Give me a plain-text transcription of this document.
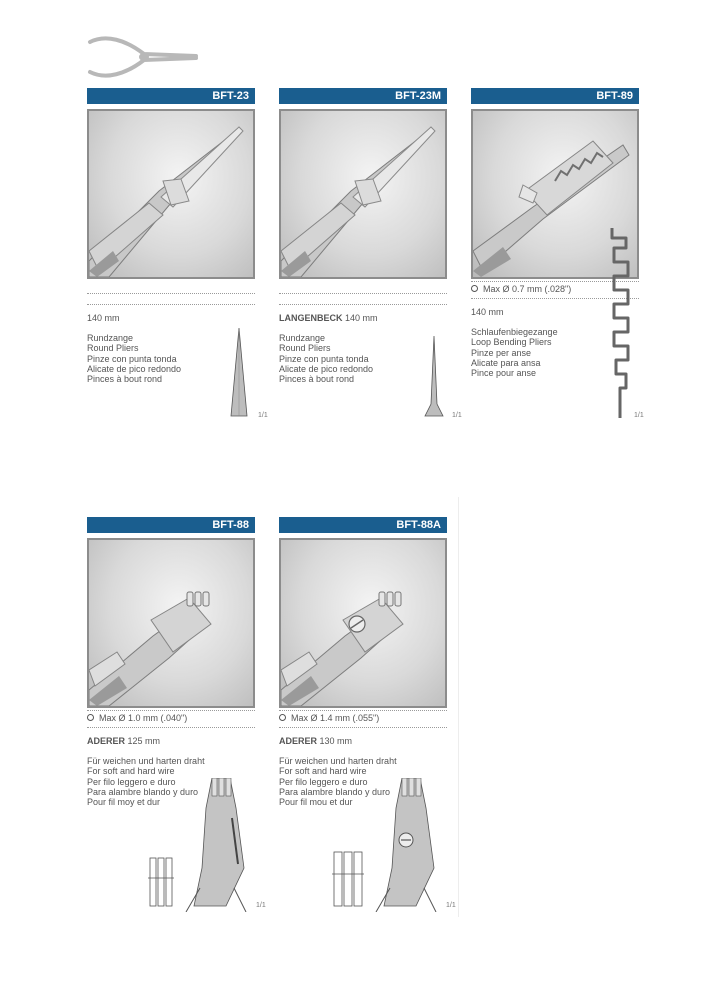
BFT-23
140 mm
Rundzange
Round Pliers
Pinze con punta tonda
Alicate de pico redondo
Pinces à bout rond
1/1
BFT-23M
LANGENBECK 140 mm
Rundzange
Round Pliers
Pinze con punta tonda
Alicate de pico redondo
Pinces à bout rond
1/1
BFT-89
Max Ø 0.7 mm (.028")
140 mm
Schlaufenbiegezange
Loop Bending Pliers
Pinze per anse
Alicate para ansa
Pince pour anse
1/1
BFT-88
Max Ø 1.0 mm (.040")
ADERER 125 mm
Für weichen und harten draht
For soft and hard wire
Per filo leggero e duro
Para alambre blando y duro
Pour fil moy et dur
1/1
BFT-88A
Max Ø 1.4 mm (.055")
ADERER 130 mm
Für weichen und harten draht
For soft and hard wire
Per filo leggero e duro
Para alambre blando y duro
Pour fil mou et dur
1/1
